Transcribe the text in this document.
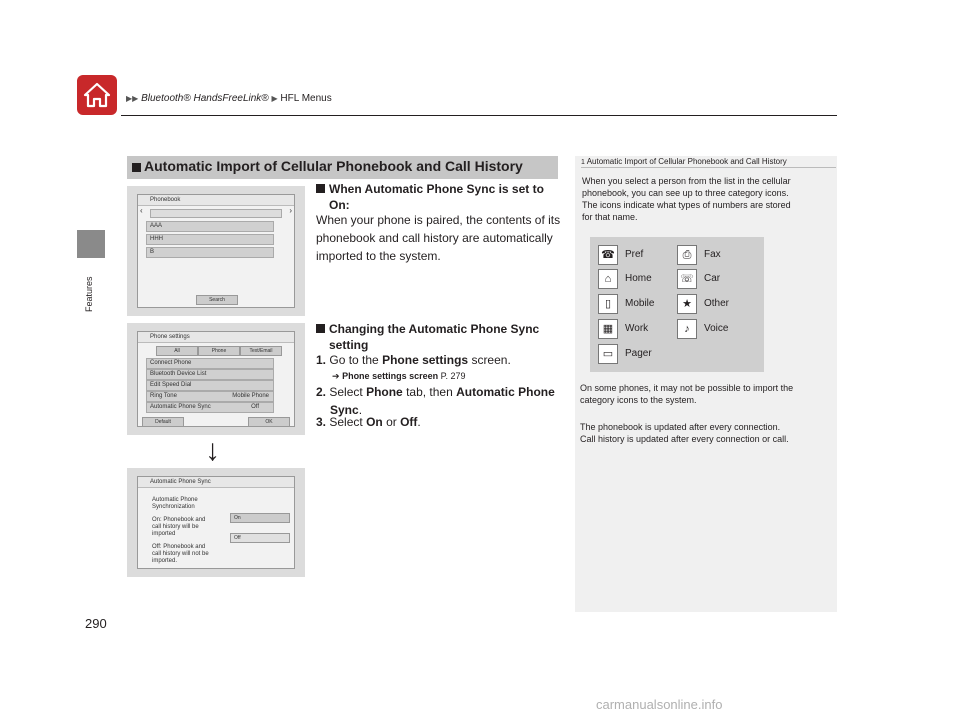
▶▶ Bluetooth® HandsFreeLink® ▶ HFL Menus
Features
290
Automatic Import of Cellular Phonebook and Call History
Phonebook
‹	›
AAA
HHH
B
Search
Phone settings
All	Phone	Text/Email
Connect Phone
Bluetooth Device List
Edit Speed Dial
Ring Tone	Mobile Phone
Automatic Phone Sync	Off
Default	OK
↓
Automatic Phone Sync
Automatic Phone
Synchronization
On: Phonebook and
call history will be
imported
Off: Phonebook and
call history will not be
imported.
On
Off
When Automatic Phone Sync is set to
On:
When your phone is paired, the contents of its
phonebook and call history are automatically
imported to the system.
Changing the Automatic Phone Sync
setting
1. Go to the Phone settings screen.
➔ Phone settings screen P. 279
2. Select Phone tab, then Automatic Phone
Sync.
3. Select On or Off.
1 Automatic Import of Cellular Phonebook and Call History
When you select a person from the list in the cellular
phonebook, you can see up to three category icons.
The icons indicate what types of numbers are stored
for that name.
☎	Pref	⎙	Fax
⌂	Home	☏	Car
▯	Mobile	★	Other
▦	Work	♪	Voice
▭	Pager
On some phones, it may not be possible to import the
category icons to the system.
The phonebook is updated after every connection.
Call history is updated after every connection or call.
carmanualsonline.info
